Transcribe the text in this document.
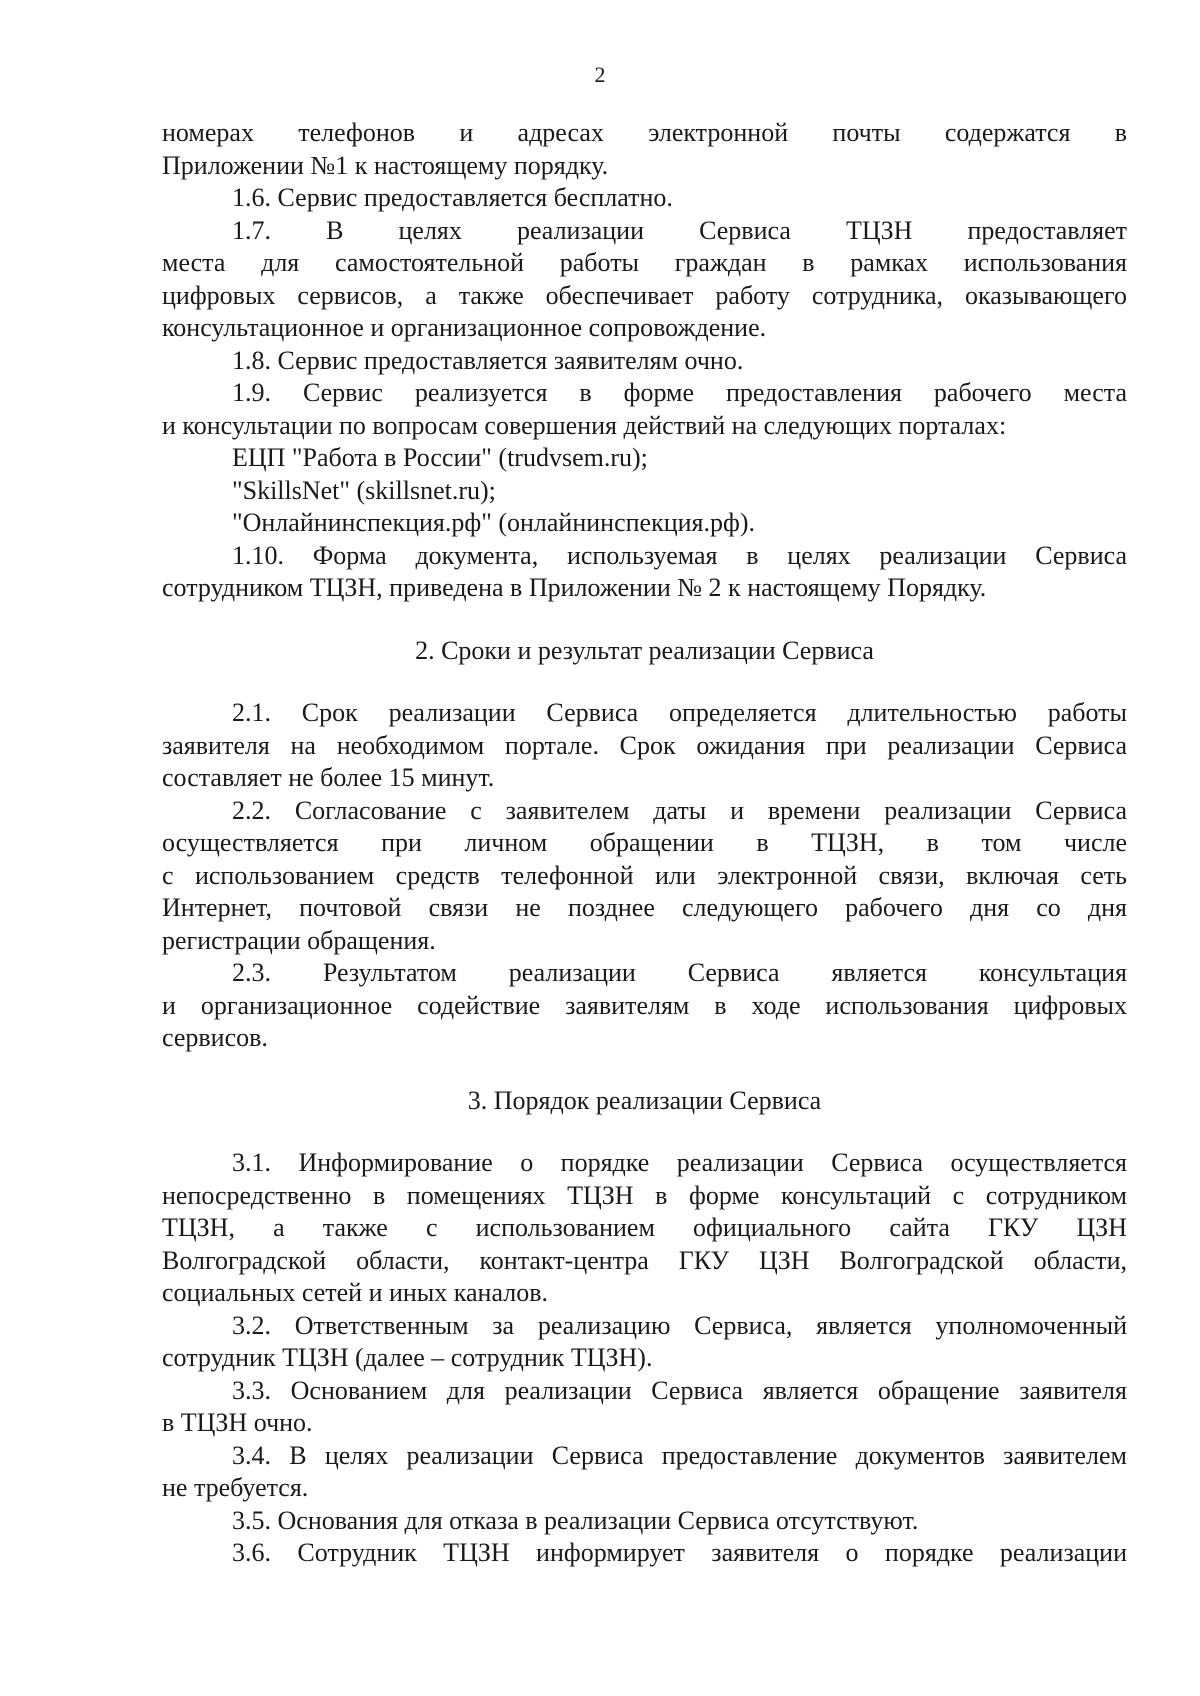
2
номерах телефонов и адресах электронной почты содержатся в
Приложении №1 к настоящему порядку.
1.6. Сервис предоставляется бесплатно.
1.7. В целях реализации Сервиса ТЦЗН предоставляет
места для самостоятельной работы граждан в рамках использования
цифровых сервисов, а также обеспечивает работу сотрудника, оказывающего
консультационное и организационное сопровождение.
1.8. Сервис предоставляется заявителям очно.
1.9. Сервис реализуется в форме предоставления рабочего места
и консультации по вопросам совершения действий на следующих порталах:
ЕЦП "Работа в России" (trudvsem.ru);
"SkillsNet" (skillsnet.ru);
"Онлайнинспекция.рф" (онлайнинспекция.рф).
1.10. Форма документа, используемая в целях реализации Сервиса
сотрудником ТЦЗН, приведена в Приложении № 2 к настоящему Порядку.
2. Сроки и результат реализации Сервиса
2.1. Срок реализации Сервиса определяется длительностью работы
заявителя на необходимом портале. Срок ожидания при реализации Сервиса
составляет не более 15 минут.
2.2. Согласование с заявителем даты и времени реализации Сервиса
осуществляется при личном обращении в ТЦЗН, в том числе
с использованием средств телефонной или электронной связи, включая сеть
Интернет, почтовой связи не позднее следующего рабочего дня со дня
регистрации обращения.
2.3. Результатом реализации Сервиса является консультация
и организационное содействие заявителям в ходе использования цифровых
сервисов.
3. Порядок реализации Сервиса
3.1. Информирование о порядке реализации Сервиса осуществляется
непосредственно в помещениях ТЦЗН в форме консультаций с сотрудником
ТЦЗН, а также с использованием официального сайта ГКУ ЦЗН
Волгоградской области, контакт-центра ГКУ ЦЗН Волгоградской области,
социальных сетей и иных каналов.
3.2. Ответственным за реализацию Сервиса, является уполномоченный
сотрудник ТЦЗН (далее – сотрудник ТЦЗН).
3.3. Основанием для реализации Сервиса является обращение заявителя
в ТЦЗН очно.
3.4. В целях реализации Сервиса предоставление документов заявителем
не требуется.
3.5. Основания для отказа в реализации Сервиса отсутствуют.
3.6. Сотрудник ТЦЗН информирует заявителя о порядке реализации
